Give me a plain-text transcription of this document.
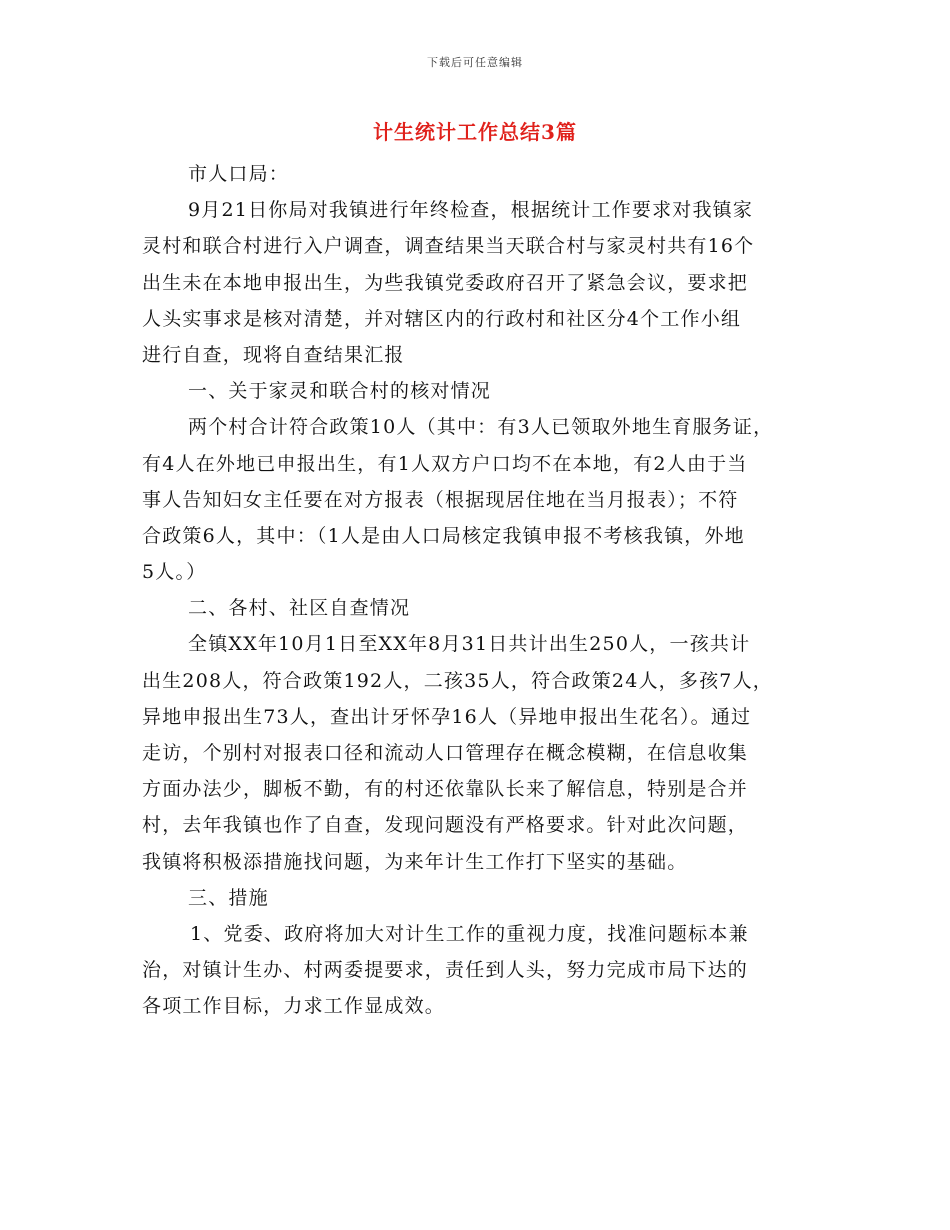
下载后可任意编辑
计生统计工作总结3篇
市人口局：
9月21日你局对我镇进行年终检查，根据统计工作要求对我镇家
灵村和联合村进行入户调查，调查结果当天联合村与家灵村共有16个
出生未在本地申报出生，为些我镇党委政府召开了紧急会议，要求把
人头实事求是核对清楚，并对辖区内的行政村和社区分4个工作小组
进行自查，现将自查结果汇报
一、关于家灵和联合村的核对情况
两个村合计符合政策10人（其中：有3人已领取外地生育服务证，
有4人在外地已申报出生，有1人双方户口均不在本地，有2人由于当
事人告知妇女主任要在对方报表（根据现居住地在当月报表）；不符
合政策6人，其中：（1人是由人口局核定我镇申报不考核我镇，外地
5人。）
二、各村、社区自查情况
全镇XX年10月1日至XX年8月31日共计出生250人，一孩共计
出生208人，符合政策192人，二孩35人，符合政策24人，多孩7人，
异地申报出生73人，查出计牙怀孕16人（异地申报出生花名）。通过
走访，个别村对报表口径和流动人口管理存在概念模糊，在信息收集
方面办法少，脚板不勤，有的村还依靠队长来了解信息，特别是合并
村，去年我镇也作了自查，发现问题没有严格要求。针对此次问题，
我镇将积极添措施找问题，为来年计生工作打下坚实的基础。
三、措施
1、党委、政府将加大对计生工作的重视力度，找准问题标本兼
治，对镇计生办、村两委提要求，责任到人头，努力完成市局下达的
各项工作目标，力求工作显成效。
